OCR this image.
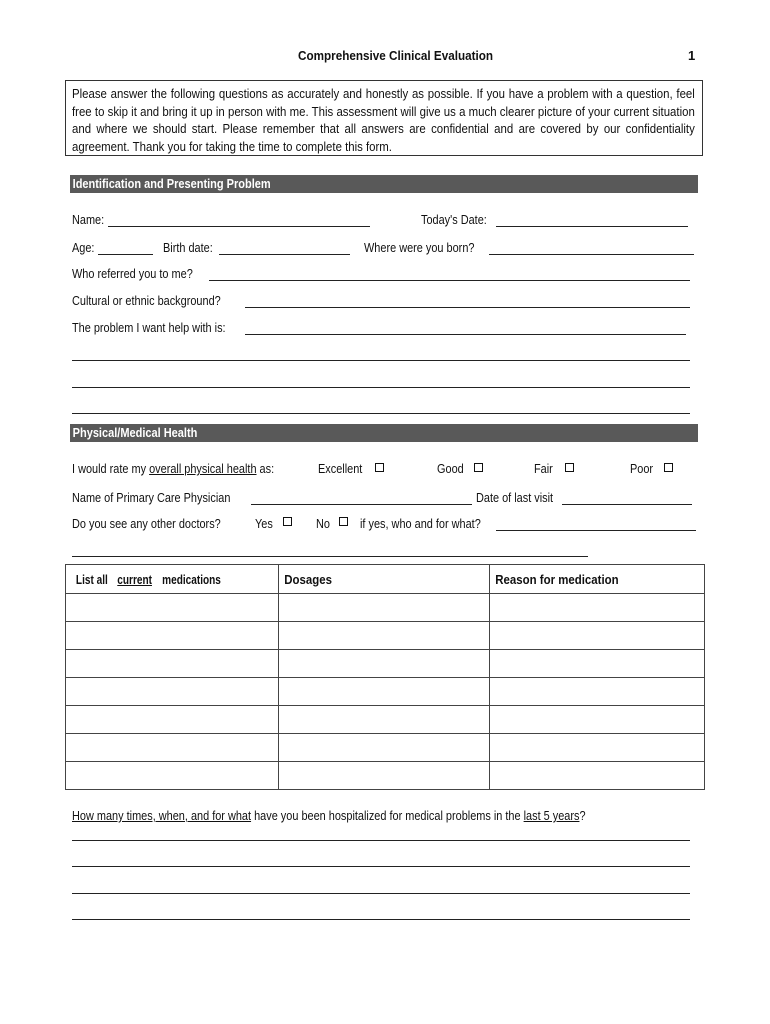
Comprehensive Clinical Evaluation	1
Please answer the following questions as accurately and honestly as possible. If you have a problem with a question, feel free to skip it and bring it up in person with me. This assessment will give us a much clearer picture of your current situation and where we should start. Please remember that all answers are confidential and are covered by our confidentiality agreement. Thank you for taking the time to complete this form.
Identification and Presenting Problem
Name:	Today's Date:
Age:	Birth date:	Where were you born?
Who referred you to me?
Cultural or ethnic background?
The problem I want help with is:
Physical/Medical Health
I would rate my overall physical health as:	Excellent	Good	Fair	Poor
Name of Primary Care Physician	Date of last visit
Do you see any other doctors?	Yes	No if yes, who and for what?
List allcurrentmedications	Dosages	Reason for medication

How many times, when, and for what have you been hospitalized for medical problems in the last 5 years?
